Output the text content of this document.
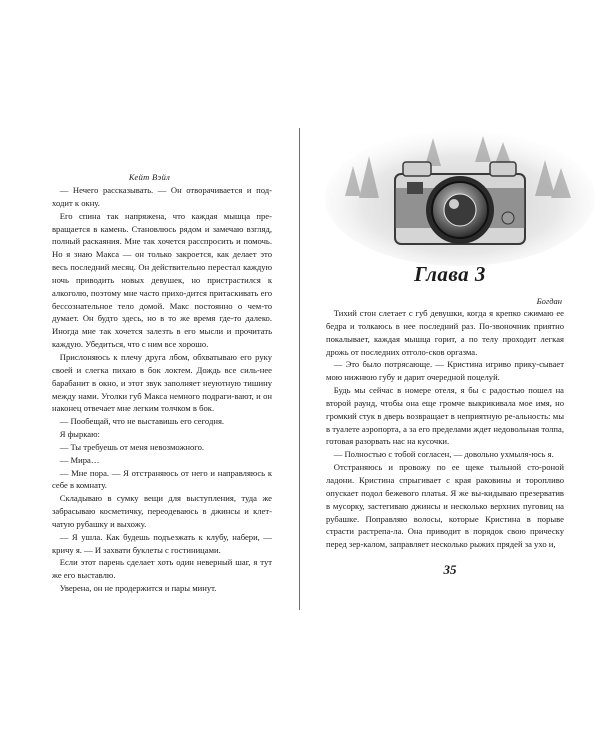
Кейт Вэйл

— Нечего рассказывать. — Он отворачивается и под-ходит к окну.

Его спина так напряжена, что каждая мышца пре-вращается в камень. Становлюсь рядом и замечаю взгляд, полный раскаяния. Мне так хочется расспросить и помочь. Но я знаю Макса — он только закроется, как делает это весь последний месяц. Он действительно перестал каждую ночь приводить новых девушек, но пристрастился к алкоголю, поэтому мне часто прихо-дится притаскивать его бессознательное тело домой. Макс постоянно о чем-то думает. Он будто здесь, но в то же время где-то далеко. Иногда мне так хочется залезть в его мысли и прочитать каждую. Убедиться, что с ним все хорошо.

Прислоняюсь к плечу друга лбом, обхватываю его руку своей и слегка пихаю в бок локтем. Дождь все силь-нее барабанит в окно, и этот звук заполняет неуютную тишину между нами. Уголки губ Макса немного подраги-вают, и он наконец отвечает мне легким толчком в бок.

— Пообещай, что не выставишь его сегодня.

Я фыркаю:

— Ты требуешь от меня невозможного.

— Мира…

— Мне пора. — Я отстраняюсь от него и направляюсь к себе в комнату.

Складываю в сумку вещи для выступления, туда же забрасываю косметичку, переодеваюсь в джинсы и клет-чатую рубашку и выхожу.

— Я ушла. Как будешь подъезжать к клубу, набери, — кричу я. — И захвати буклеты с гостиницами.

Если этот парень сделает хоть один неверный шаг, я тут же его выставлю.

Уверена, он не продержится и пары минут.

Глава 3
Богдан

Тихий стон слетает с губ девушки, когда я крепко сжимаю ее бедра и толкаюсь в нее последний раз. По-звоночник приятно покалывает, каждая мышца горит, а по телу проходит легкая дрожь от последних отголо-сков оргазма.

— Это было потрясающе. — Кристина игриво прику-сывает мою нижнюю губу и дарит очередной поцелуй.

Будь мы сейчас в номере отеля, я бы с радостью пошел на второй раунд, чтобы она еще громче выкрикивала мое имя, но громкий стук в дверь возвращает в неприятную ре-альность: мы в туалете аэропорта, а за его пределами ждет недовольная толпа, готовая разорвать нас на кусочки.

— Полностью с тобой согласен, — довольно ухмыля-юсь я.

Отстраняюсь и провожу по ее щеке тыльной сто-роной ладони. Кристина спрыгивает с края раковины и торопливо опускает подол бежевого платья. Я же вы-кидываю презерватив в мусорку, застегиваю джинсы и несколько верхних пуговиц на рубашке. Поправляю волосы, которые Кристина в порыве страсти растрепа-ла. Она приводит в порядок свою прическу перед зер-калом, заправляет несколько рыжих прядей за ухо и,

35
